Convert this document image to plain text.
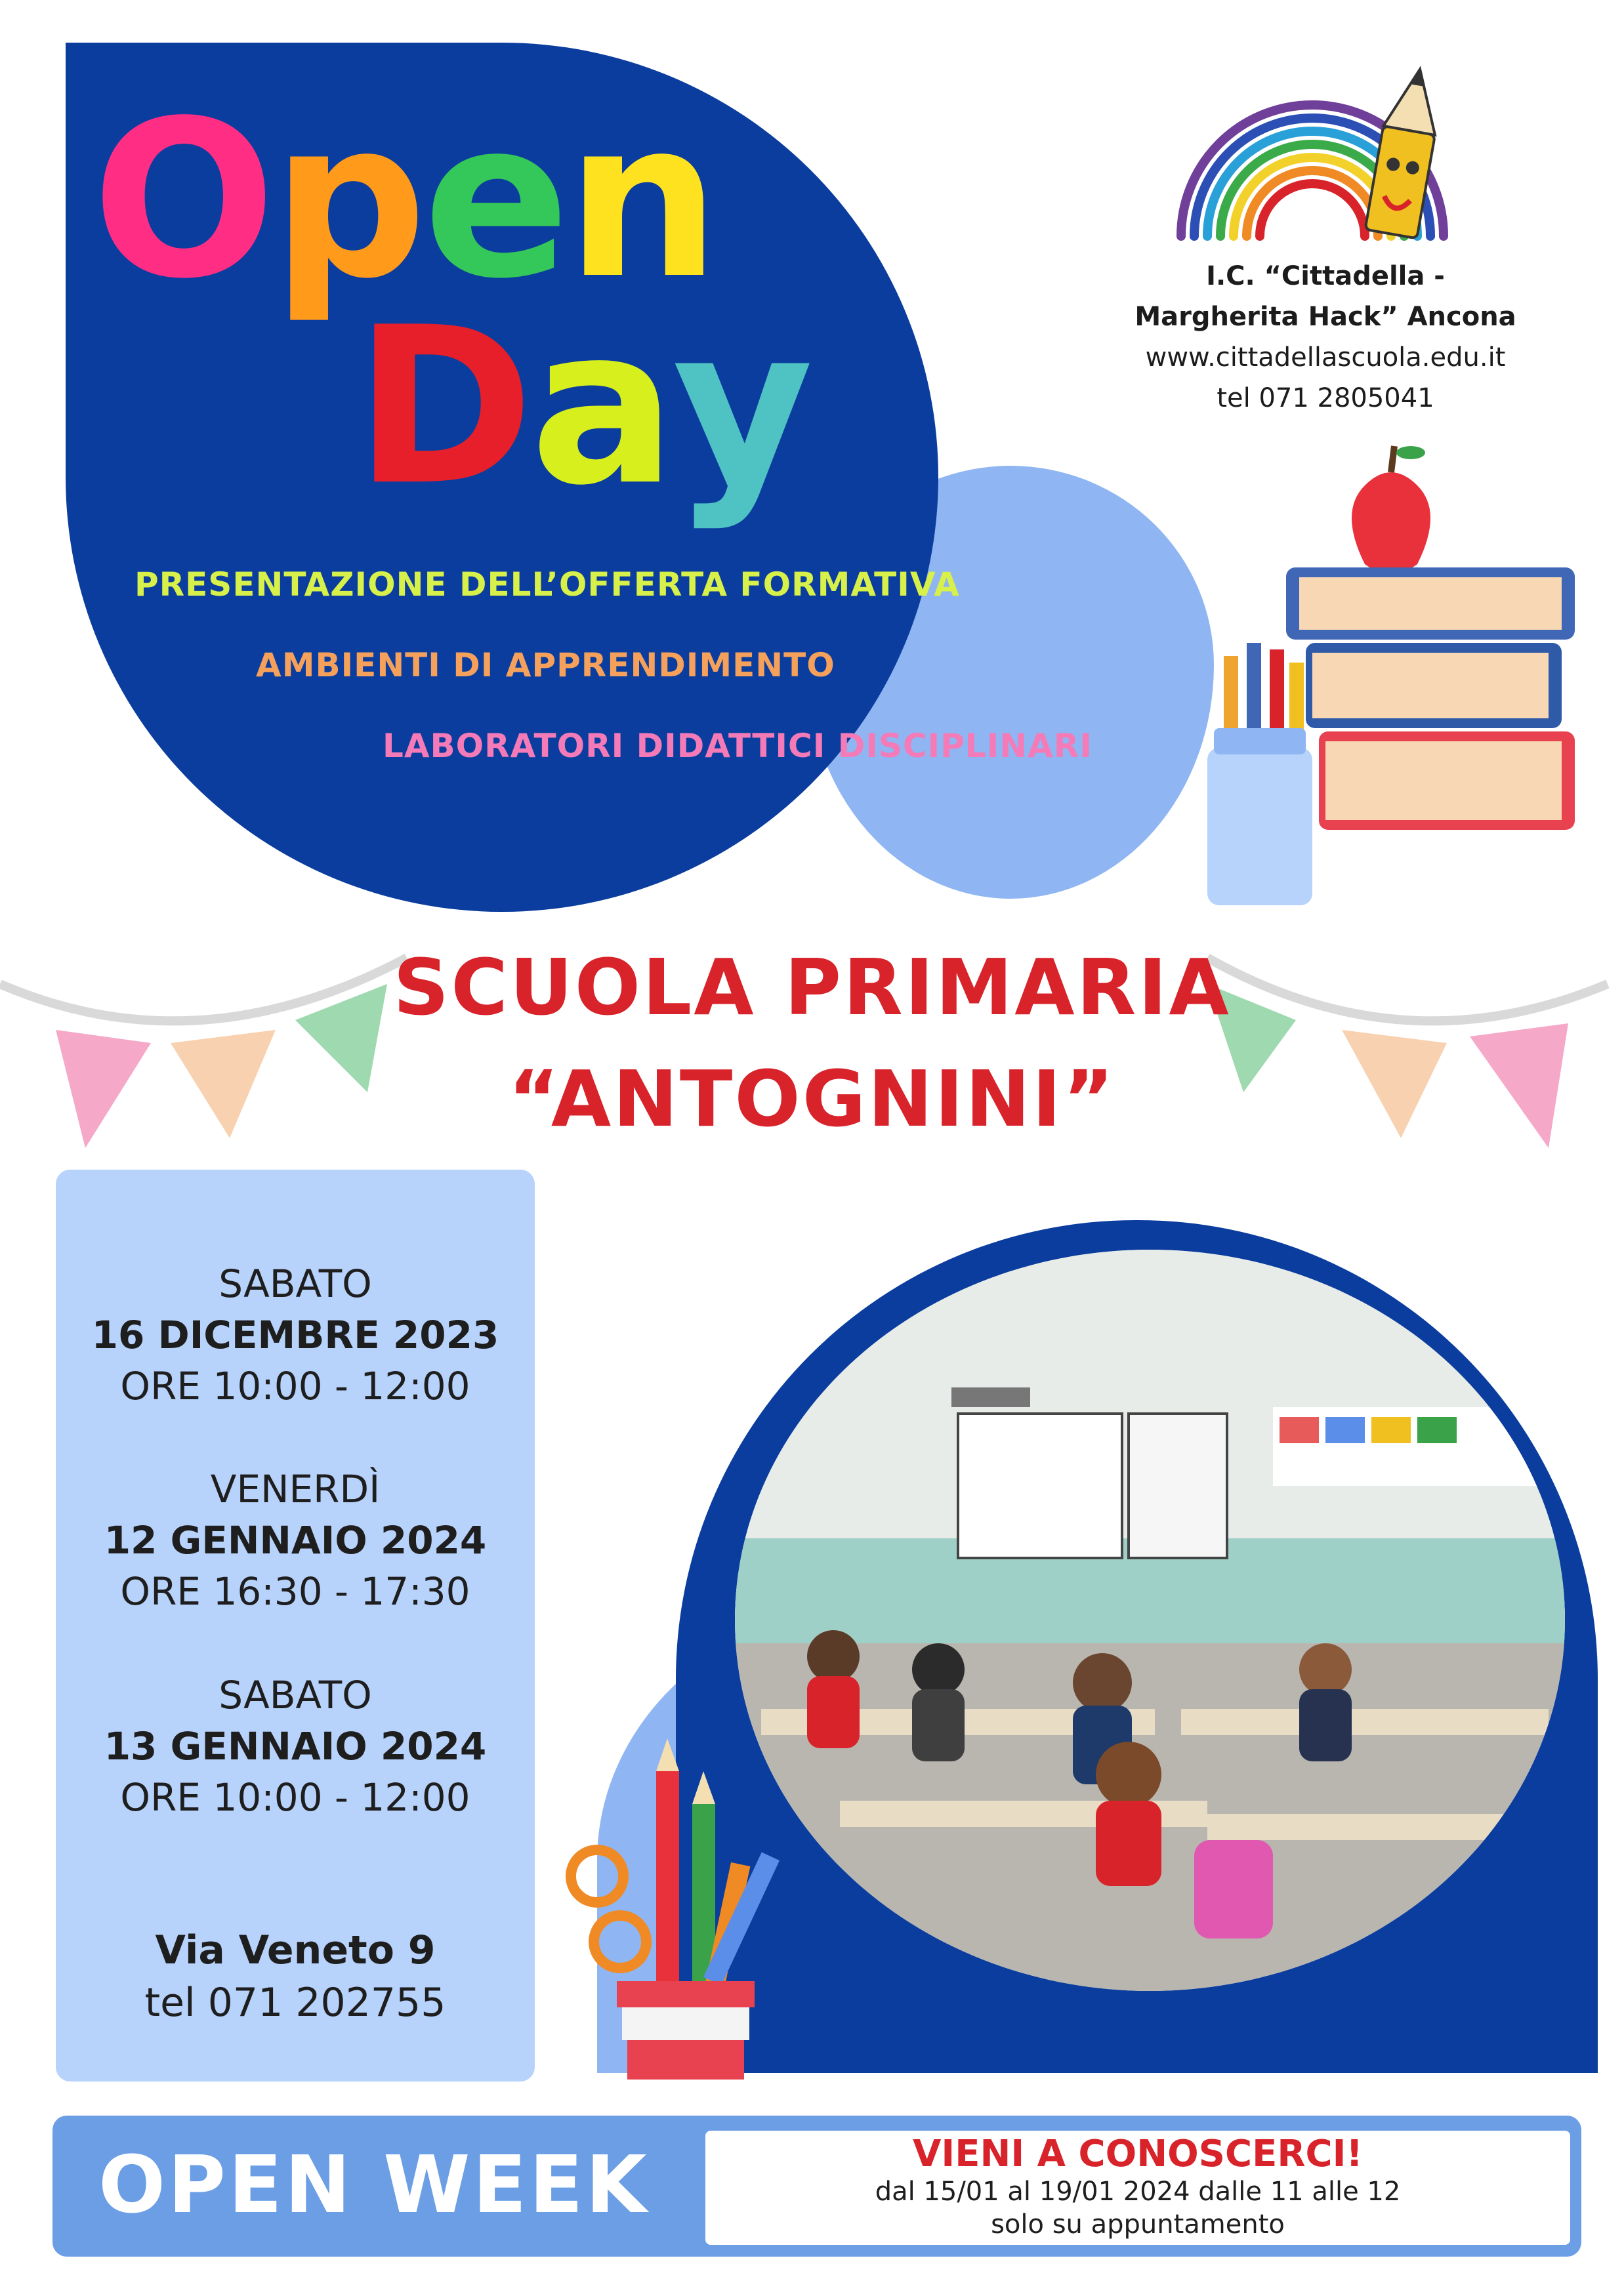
Open
Day
PRESENTAZIONE DELL’OFFERTA FORMATIVA
AMBIENTI DI APPRENDIMENTO
LABORATORI DIDATTICI DISCIPLINARI
I.C. “Cittadella -
Margherita Hack” Ancona
www.cittadellascuola.edu.it
tel 071 2805041
SCUOLA PRIMARIA
“ANTOGNINI”
SABATO
16 DICEMBRE 2023
ORE 10:00 - 12:00
VENERDÌ
12 GENNAIO 2024
ORE 16:30 - 17:30
SABATO
13 GENNAIO 2024
ORE 10:00 - 12:00
Via Veneto 9
tel 071 202755
OPEN WEEK	VIENI A CONOSCERCI!
dal 15/01 al 19/01 2024 dalle 11 alle 12
solo su appuntamento
